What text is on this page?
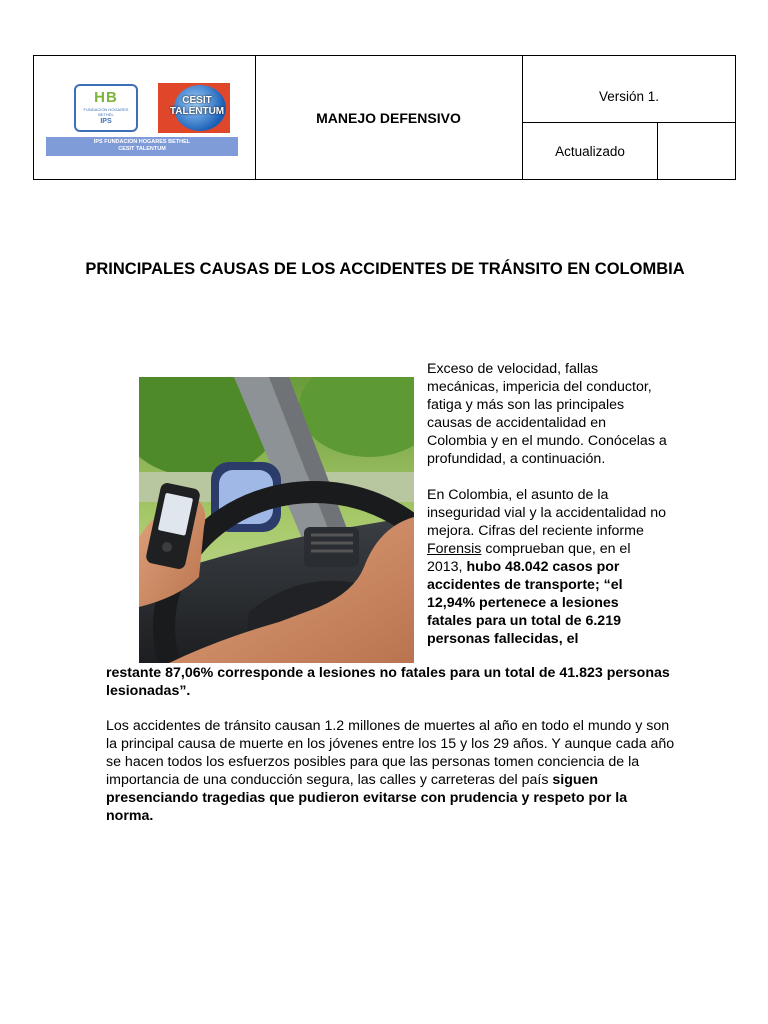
HB
FUNDACION HOGARES BETHEL
IPS
CESIT TALENTUM
IPS FUNDACION HOGARES BETHEL
CESIT TALENTUM
MANEJO DEFENSIVO
Versión 1.
Actualizado
PRINCIPALES CAUSAS DE LOS ACCIDENTES DE TRÁNSITO EN COLOMBIA

Exceso de velocidad, fallas mecánicas, impericia del conductor, fatiga y más son las principales causas de accidentalidad en Colombia y en el mundo. Conócelas a profundidad, a continuación.

En Colombia, el asunto de la inseguridad vial y la accidentalidad no mejora. Cifras del reciente informe Forensis comprueban que, en el 2013, hubo 48.042 casos por accidentes de transporte; “el 12,94% pertenece a lesiones fatales para un total de 6.219 personas fallecidas, el

restante 87,06% corresponde a lesiones no fatales para un total de 41.823 personas lesionadas”.
Los accidentes de tránsito causan 1.2 millones de muertes al año en todo el mundo y son la principal causa de muerte en los jóvenes entre los 15 y los 29 años. Y aunque cada año se hacen todos los esfuerzos posibles para que las personas tomen conciencia de la importancia de una conducción segura, las calles y carreteras del país siguen presenciando tragedias que pudieron evitarse con prudencia y respeto por la norma.
